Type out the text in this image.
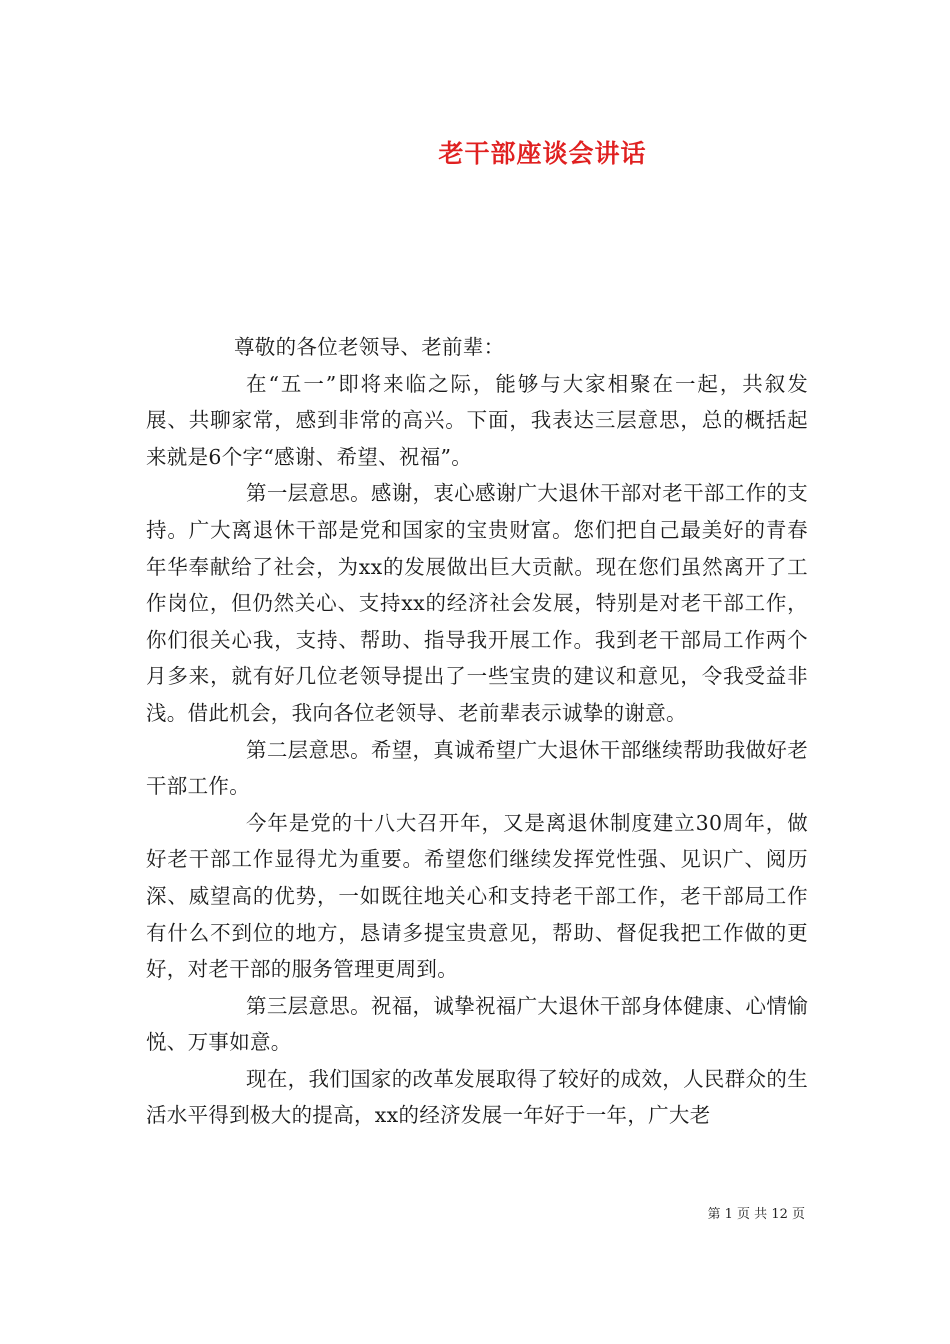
老干部座谈会讲话

尊敬的各位老领导、老前辈：

在“五一”即将来临之际，能够与大家相聚在一起，共叙发展、共聊家常，感到非常的高兴。下面，我表达三层意思，总的概括起来就是6个字“感谢、希望、祝福”。

第一层意思。感谢，衷心感谢广大退休干部对老干部工作的支持。广大离退休干部是党和国家的宝贵财富。您们把自己最美好的青春年华奉献给了社会，为xx的发展做出巨大贡献。现在您们虽然离开了工作岗位，但仍然关心、支持xx的经济社会发展，特别是对老干部工作，你们很关心我，支持、帮助、指导我开展工作。我到老干部局工作两个月多来，就有好几位老领导提出了一些宝贵的建议和意见，令我受益非浅。借此机会，我向各位老领导、老前辈表示诚挚的谢意。

第二层意思。希望，真诚希望广大退休干部继续帮助我做好老干部工作。

今年是党的十八大召开年，又是离退休制度建立30周年，做好老干部工作显得尤为重要。希望您们继续发挥党性强、见识广、阅历深、威望高的优势，一如既往地关心和支持老干部工作，老干部局工作有什么不到位的地方，恳请多提宝贵意见，帮助、督促我把工作做的更好，对老干部的服务管理更周到。

第三层意思。祝福，诚挚祝福广大退休干部身体健康、心情愉悦、万事如意。

现在，我们国家的改革发展取得了较好的成效，人民群众的生活水平得到极大的提高，xx的经济发展一年好于一年，广大老

第 1 页 共 12 页
